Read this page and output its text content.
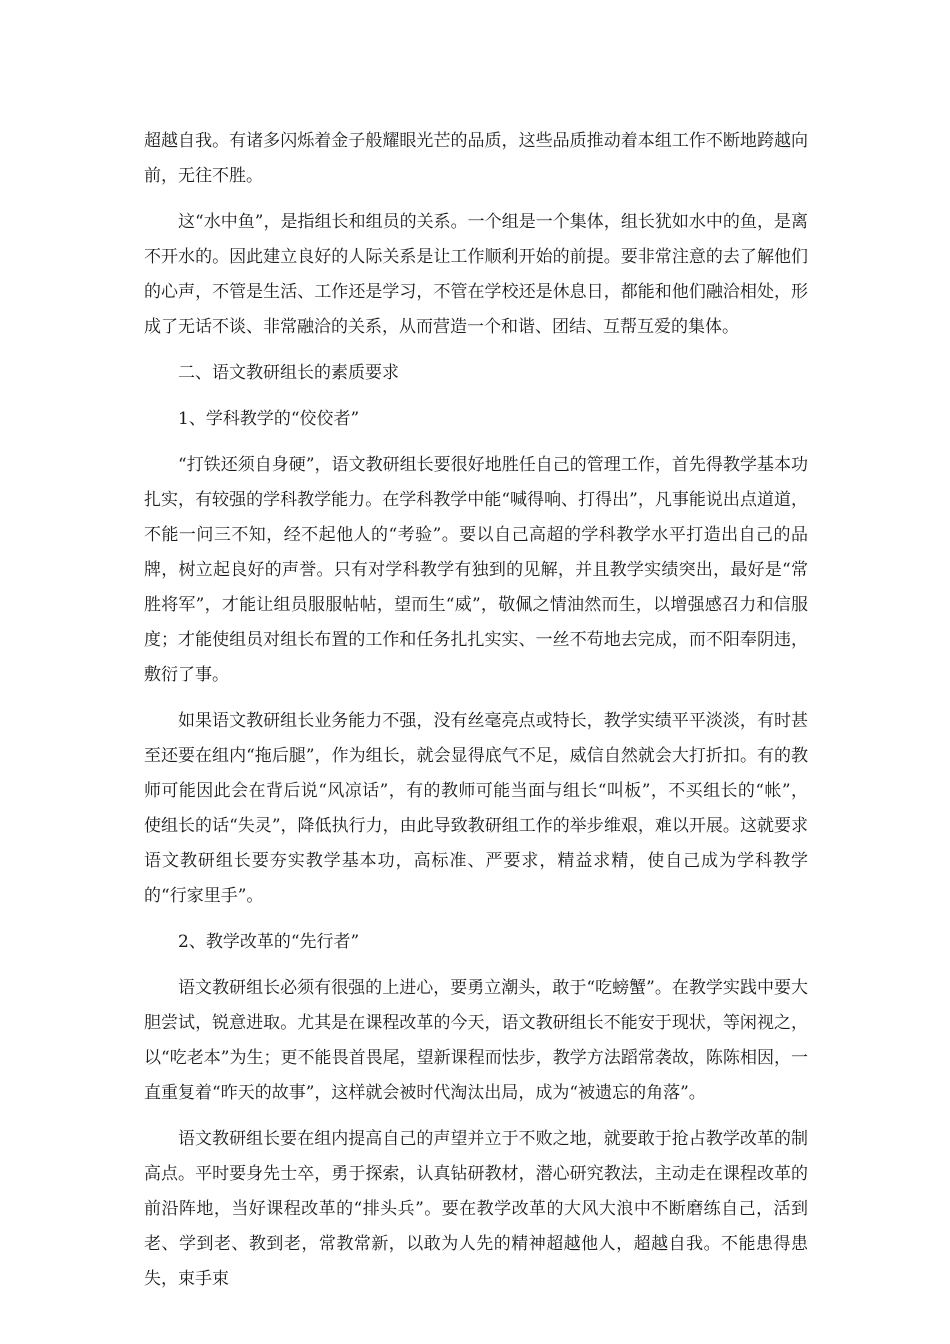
超越自我。有诸多闪烁着金子般耀眼光芒的品质，这些品质推动着本组工作不断地跨越向前，无往不胜。

这“水中鱼”，是指组长和组员的关系。一个组是一个集体，组长犹如水中的鱼，是离不开水的。因此建立良好的人际关系是让工作顺利开始的前提。要非常注意的去了解他们的心声，不管是生活、工作还是学习，不管在学校还是休息日，都能和他们融洽相处，形成了无话不谈、非常融洽的关系，从而营造一个和谐、团结、互帮互爱的集体。

二、语文教研组长的素质要求

1、学科教学的“佼佼者”

“打铁还须自身硬”，语文教研组长要很好地胜任自己的管理工作，首先得教学基本功扎实，有较强的学科教学能力。在学科教学中能“喊得响、打得出”，凡事能说出点道道，不能一问三不知，经不起他人的“考验”。要以自己高超的学科教学水平打造出自己的品牌，树立起良好的声誉。只有对学科教学有独到的见解，并且教学实绩突出，最好是“常胜将军”，才能让组员服服帖帖，望而生“威”，敬佩之情油然而生，以增强感召力和信服度；才能使组员对组长布置的工作和任务扎扎实实、一丝不苟地去完成，而不阳奉阴违，敷衍了事。

如果语文教研组长业务能力不强，没有丝毫亮点或特长，教学实绩平平淡淡，有时甚至还要在组内“拖后腿”，作为组长，就会显得底气不足，威信自然就会大打折扣。有的教师可能因此会在背后说“风凉话”，有的教师可能当面与组长“叫板”，不买组长的“帐”，使组长的话“失灵”，降低执行力，由此导致教研组工作的举步维艰，难以开展。这就要求语文教研组长要夯实教学基本功，高标准、严要求，精益求精，使自己成为学科教学的“行家里手”。

2、教学改革的“先行者”

语文教研组长必须有很强的上进心，要勇立潮头，敢于“吃螃蟹”。在教学实践中要大胆尝试，锐意进取。尤其是在课程改革的今天，语文教研组长不能安于现状，等闲视之，以“吃老本”为生；更不能畏首畏尾，望新课程而怯步，教学方法蹈常袭故，陈陈相因，一直重复着“昨天的故事”，这样就会被时代淘汰出局，成为“被遗忘的角落”。

语文教研组长要在组内提高自己的声望并立于不败之地，就要敢于抢占教学改革的制高点。平时要身先士卒，勇于探索，认真钻研教材，潜心研究教法，主动走在课程改革的前沿阵地，当好课程改革的“排头兵”。要在教学改革的大风大浪中不断磨练自己，活到老、学到老、教到老，常教常新，以敢为人先的精神超越他人，超越自我。不能患得患失，束手束
